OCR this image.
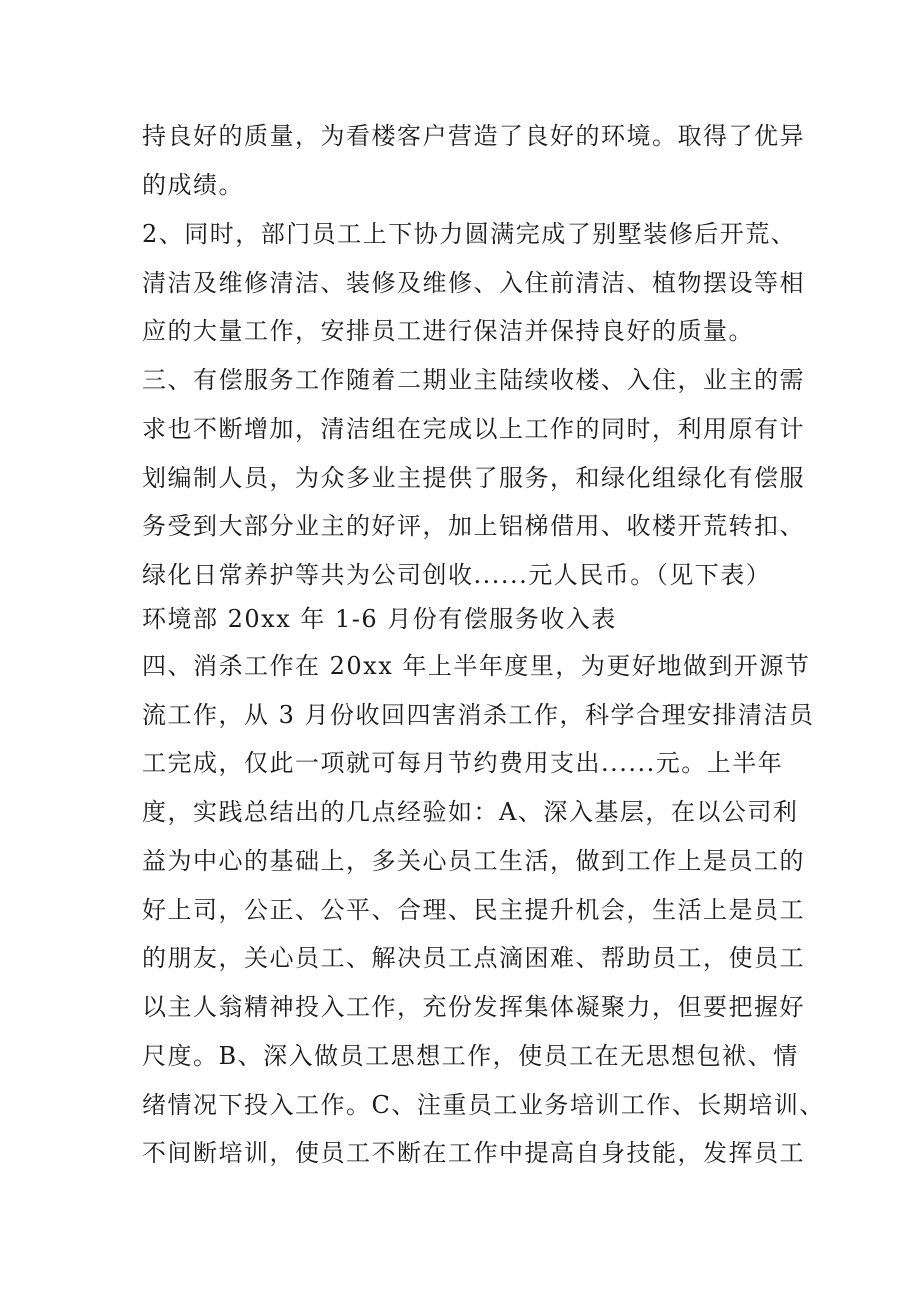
持良好的质量，为看楼客户营造了良好的环境。取得了优异
的成绩。
2、同时，部门员工上下协力圆满完成了别墅装修后开荒、
清洁及维修清洁、装修及维修、入住前清洁、植物摆设等相
应的大量工作，安排员工进行保洁并保持良好的质量。
三、有偿服务工作随着二期业主陆续收楼、入住，业主的需
求也不断增加，清洁组在完成以上工作的同时，利用原有计
划编制人员，为众多业主提供了服务，和绿化组绿化有偿服
务受到大部分业主的好评，加上铝梯借用、收楼开荒转扣、
绿化日常养护等共为公司创收......元人民币。（见下表）
环境部 20xx 年 1-6 月份有偿服务收入表
四、消杀工作在 20xx 年上半年度里，为更好地做到开源节
流工作，从 3 月份收回四害消杀工作，科学合理安排清洁员
工完成，仅此一项就可每月节约费用支出......元。上半年
度，实践总结出的几点经验如：A、深入基层，在以公司利
益为中心的基础上，多关心员工生活，做到工作上是员工的
好上司，公正、公平、合理、民主提升机会，生活上是员工
的朋友，关心员工、解决员工点滴困难、帮助员工，使员工
以主人翁精神投入工作，充份发挥集体凝聚力，但要把握好
尺度。B、深入做员工思想工作，使员工在无思想包袱、情
绪情况下投入工作。C、注重员工业务培训工作、长期培训、
不间断培训，使员工不断在工作中提高自身技能，发挥员工
